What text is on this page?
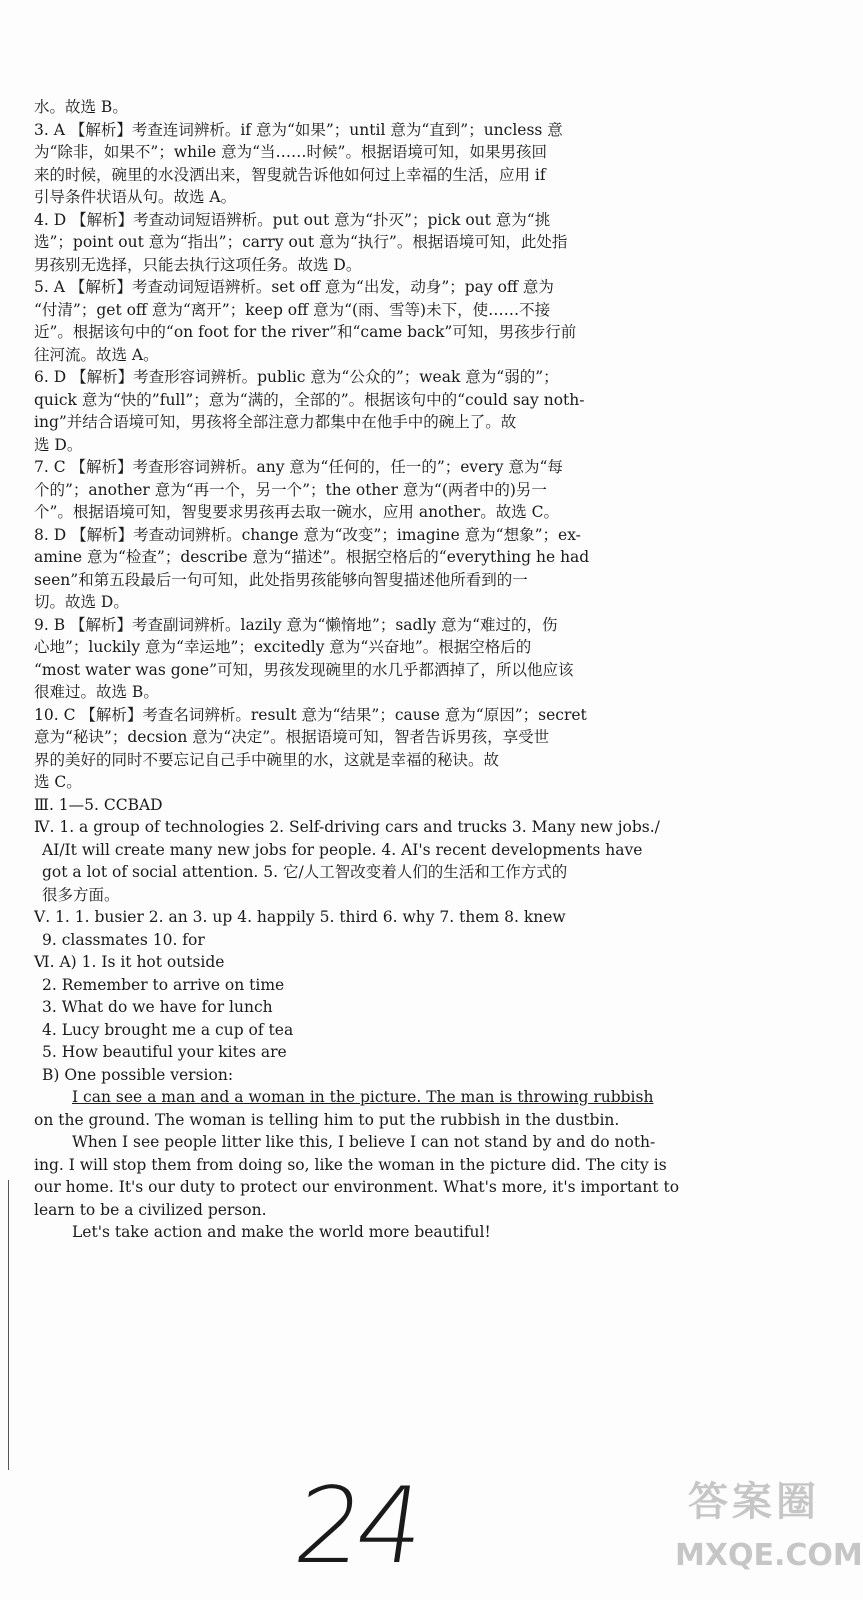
水。故选 B。
3. A 【解析】考查连词辨析。if 意为“如果”；until 意为“直到”；uncless 意
为“除非，如果不”；while 意为“当……时候”。根据语境可知，如果男孩回
来的时候，碗里的水没洒出来，智叟就告诉他如何过上幸福的生活，应用 if
引导条件状语从句。故选 A。
4. D 【解析】考查动词短语辨析。put out 意为“扑灭”；pick out 意为“挑
选”；point out 意为“指出”；carry out 意为“执行”。根据语境可知，此处指
男孩别无选择，只能去执行这项任务。故选 D。
5. A 【解析】考查动词短语辨析。set off 意为“出发，动身”；pay off 意为
“付清”；get off 意为“离开”；keep off 意为“(雨、雪等)未下，使……不接
近”。根据该句中的“on foot for the river”和“came back”可知，男孩步行前
往河流。故选 A。
6. D 【解析】考查形容词辨析。public 意为“公众的”；weak 意为“弱的”；
quick 意为“快的”full”；意为“满的，全部的”。根据该句中的“could say noth-
ing”并结合语境可知，男孩将全部注意力都集中在他手中的碗上了。故
选 D。
7. C 【解析】考查形容词辨析。any 意为“任何的，任一的”；every 意为“每
个的”；another 意为“再一个，另一个”；the other 意为“(两者中的)另一
个”。根据语境可知，智叟要求男孩再去取一碗水，应用 another。故选 C。
8. D 【解析】考查动词辨析。change 意为“改变”；imagine 意为“想象”；ex-
amine 意为“检查”；describe 意为“描述”。根据空格后的“everything he had
seen”和第五段最后一句可知，此处指男孩能够向智叟描述他所看到的一
切。故选 D。
9. B 【解析】考查副词辨析。lazily 意为“懒惰地”；sadly 意为“难过的，伤
心地”；luckily 意为“幸运地”；excitedly 意为“兴奋地”。根据空格后的
“most water was gone”可知，男孩发现碗里的水几乎都洒掉了，所以他应该
很难过。故选 B。
10. C 【解析】考查名词辨析。result 意为“结果”；cause 意为“原因”；secret
意为“秘诀”；decsion 意为“决定”。根据语境可知，智者告诉男孩，享受世
界的美好的同时不要忘记自己手中碗里的水，这就是幸福的秘诀。故
选 C。
Ⅲ. 1—5. CCBAD
Ⅳ. 1. a group of technologies 2. Self-driving cars and trucks 3. Many new jobs./
AI/It will create many new jobs for people. 4. AI's recent developments have
got a lot of social attention. 5. 它/人工智改变着人们的生活和工作方式的
很多方面。
Ⅴ. 1. 1. busier 2. an 3. up 4. happily 5. third 6. why 7. them 8. knew
9. classmates 10. for
Ⅵ. A) 1. Is it hot outside
2. Remember to arrive on time
3. What do we have for lunch
4. Lucy brought me a cup of tea
5. How beautiful your kites are
B) One possible version:
I can see a man and a woman in the picture. The man is throwing rubbish
on the ground. The woman is telling him to put the rubbish in the dustbin.
When I see people litter like this, I believe I can not stand by and do noth-
ing. I will stop them from doing so, like the woman in the picture did. The city is
our home. It's our duty to protect our environment. What's more, it's important to
learn to be a civilized person.
Let's take action and make the world more beautiful!
24	答案圈
MXQE.COM
